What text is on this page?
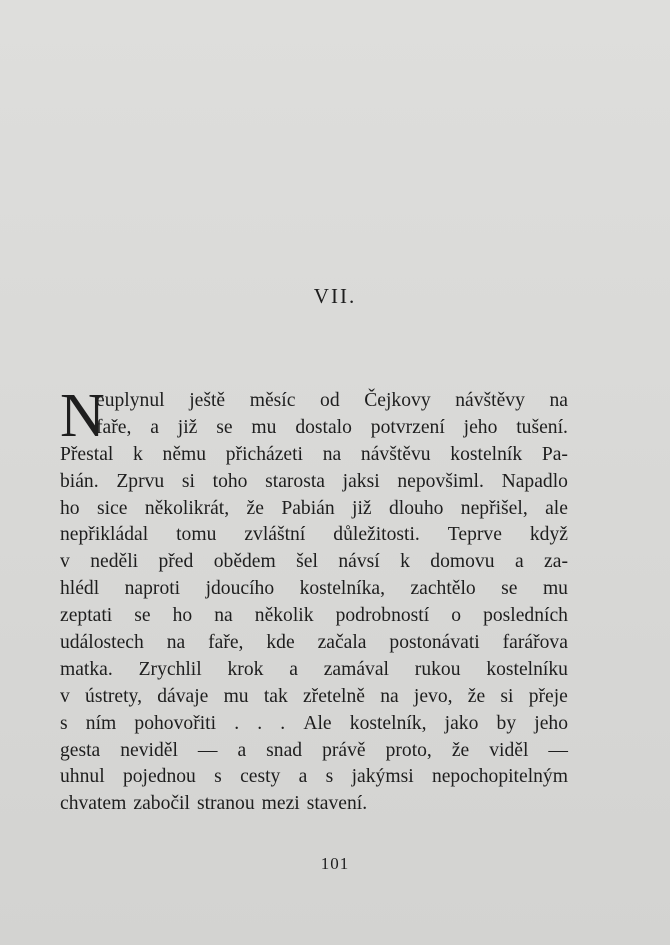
VII.
N
euplynul ještě měsíc od Čejkovy návštěvy na
faře, a již se mu dostalo potvrzení jeho tušení.
Přestal k němu přicházeti na návštěvu kostelník Pa-
bián. Zprvu si toho starosta jaksi nepovšiml. Napadlo
ho sice několikrát, že Pabián již dlouho nepřišel, ale
nepřikládal tomu zvláštní důležitosti. Teprve když
v neděli před obědem šel návsí k domovu a za-
hlédl naproti jdoucího kostelníka, zachtělo se mu
zeptati se ho na několik podrobností o posledních
událostech na faře, kde začala postonávati farářova
matka. Zrychlil krok a zamával rukou kostelníku
v ústrety, dávaje mu tak zřetelně na jevo, že si přeje
s ním pohovořiti . . . Ale kostelník, jako by jeho
gesta neviděl — a snad právě proto, že viděl —
uhnul pojednou s cesty a s jakýmsi nepochopitelným
chvatem zabočil stranou mezi stavení.
101
